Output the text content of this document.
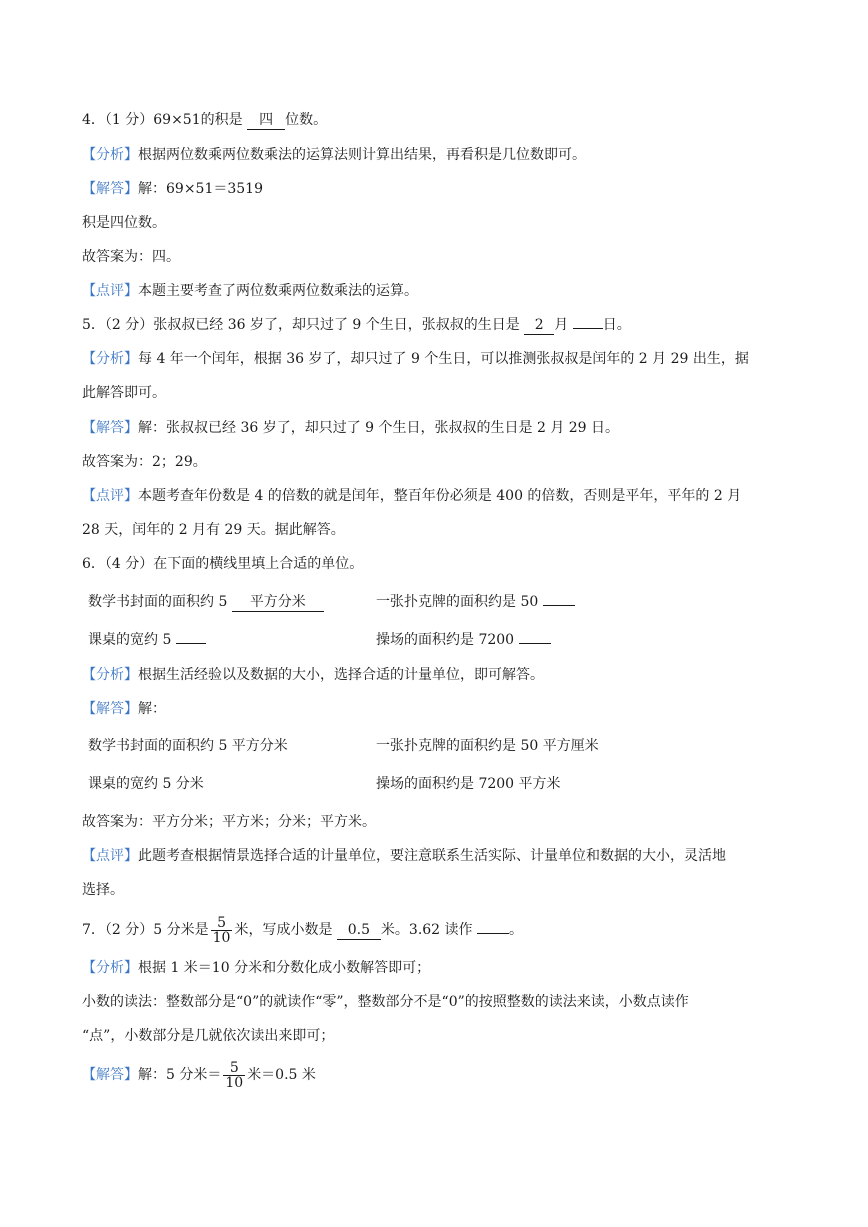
4．（1 分）69×51的积是 四 位数。
【分析】根据两位数乘两位数乘法的运算法则计算出结果，再看积是几位数即可。
【解答】解：69×51＝3519
积是四位数。
故答案为：四。
【点评】本题主要考查了两位数乘两位数乘法的运算。
5．（2 分）张叔叔已经 36 岁了，却只过了 9 个生日，张叔叔的生日是 2 月 日。
【分析】每 4 年一个闰年，根据 36 岁了，却只过了 9 个生日，可以推测张叔叔是闰年的 2 月 29 出生，据
此解答即可。
【解答】解：张叔叔已经 36 岁了，却只过了 9 个生日，张叔叔的生日是 2 月 29 日。
故答案为：2；29。
【点评】本题考查年份数是 4 的倍数的就是闰年，整百年份必须是 400 的倍数，否则是平年，平年的 2 月
28 天，闰年的 2 月有 29 天。据此解答。
6．（4 分）在下面的横线里填上合适的单位。
数学书封面的面积约 5 平方分米	一张扑克牌的面积约是 50
课桌的宽约 5	操场的面积约是 7200
【分析】根据生活经验以及数据的大小，选择合适的计量单位，即可解答。
【解答】解：
数学书封面的面积约 5 平方分米	一张扑克牌的面积约是 50 平方厘米
课桌的宽约 5 分米	操场的面积约是 7200 平方米
故答案为：平方分米；平方米；分米；平方米。
【点评】此题考查根据情景选择合适的计量单位，要注意联系生活实际、计量单位和数据的大小，灵活地
选择。
7．（2 分）5 分米是 $\frac{5}{10}$ 米，写成小数是 0.5 米。3.62 读作 。
【分析】根据 1 米＝10 分米和分数化成小数解答即可；
小数的读法：整数部分是“0”的就读作“零”，整数部分不是“0”的按照整数的读法来读，小数点读作
“点”，小数部分是几就依次读出来即可；
【解答】解：5 分米＝ $\frac{5}{10}$ 米＝0.5 米
